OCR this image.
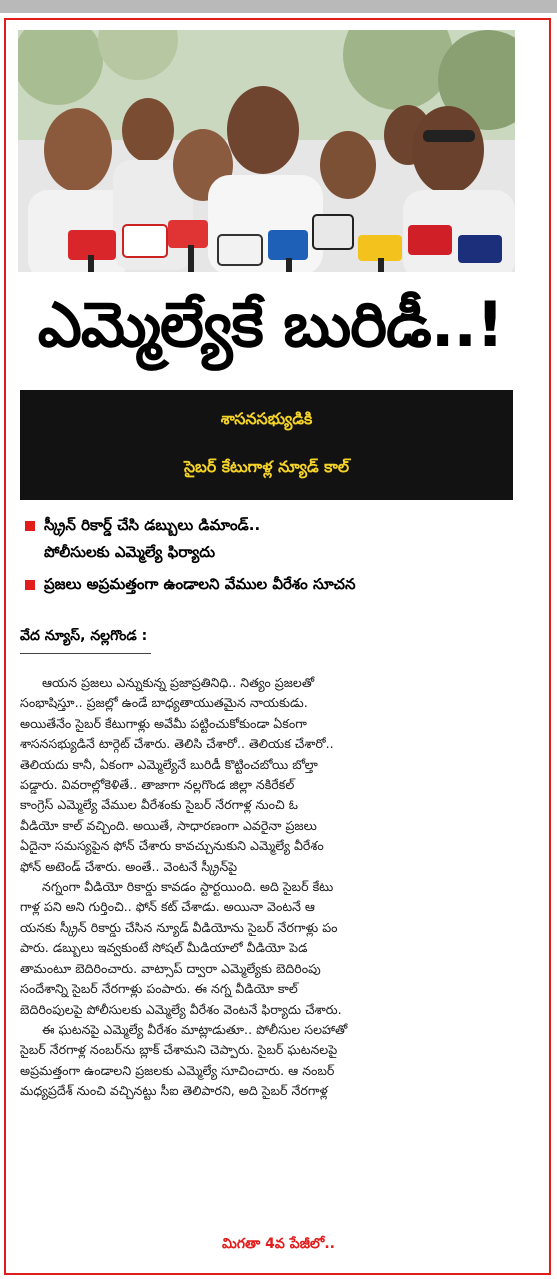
ఎమ్మెల్యేకే బురిడీ..!
శాసనసభ్యుడికి
సైబర్ కేటుగాళ్ల న్యూడ్ కాల్
స్క్రీన్ రికార్డ్ చేసి డబ్బులు డిమాండ్..
పోలీసులకు ఎమ్మెల్యే ఫిర్యాదు
ప్రజలు అప్రమత్తంగా ఉండాలని వేముల వీరేశం సూచన
వేద న్యూస్, నల్లగొండ :
ఆయన ప్రజలు ఎన్నుకున్న ప్రజాప్రతినిధి.. నిత్యం ప్రజలతో
సంభాషిస్తూ.. ప్రజల్లో ఉండే బాధ్యతాయుతమైన నాయకుడు.
అయితేనేం సైబర్ కేటుగాళ్లు అవేమీ పట్టించుకోకుండా ఏకంగా
శాసనసభ్యుడినే టార్గెట్ చేశారు. తెలిసి చేశారో.. తెలియక చేశారో..
తెలియదు కానీ, ఏకంగా ఎమ్మెల్యేనే బురిడీ కొట్టించబోయి బోల్తా
పడ్డారు. వివరాల్లోకెళితే.. తాజాగా నల్లగొండ జిల్లా నకిరేకల్
కాంగ్రెస్ ఎమ్మెల్యే వేముల వీరేశంకు సైబర్ నేరగాళ్ల నుంచి ఓ
వీడియో కాల్ వచ్చింది. అయితే, సాధారణంగా ఎవరైనా ప్రజలు
ఏదైనా సమస్యపైన ఫోన్ చేశారు కావచ్చునుకుని ఎమ్మెల్యే వీరేశం
ఫోన్ అటెండ్ చేశారు. అంతే.. వెంటనే స్క్రీన్‌పై
నగ్నంగా వీడియో రికార్డు కావడం స్టార్టయింది. అది సైబర్ కేటు
గాళ్ల పని అని గుర్తించి.. ఫోన్ కట్ చేశాడు. అయినా వెంటనే ఆ
యనకు స్క్రీన్ రికార్డు చేసిన న్యూడ్ వీడియోను సైబర్ నేరగాళ్లు పం
పారు. డబ్బులు ఇవ్వకుంటే సోషల్ మీడియాలో వీడియో పెడ
తామంటూ బెదిరించారు. వాట్సాప్ ద్వారా ఎమ్మెల్యేకు బెదిరింపు
సందేశాన్ని సైబర్ నేరగాళ్లు పంపారు. ఈ నగ్న వీడియో కాల్
బెదిరింపులపై పోలీసులకు ఎమ్మెల్యే వీరేశం వెంటనే ఫిర్యాదు చేశారు.
ఈ ఘటనపై ఎమ్మెల్యే వీరేశం మాట్లాడుతూ.. పోలీసుల సలహాతో
సైబర్ నేరగాళ్ల నంబర్‌ను బ్లాక్ చేశామని చెప్పారు. సైబర్ ఘటనలపై
అప్రమత్తంగా ఉండాలని ప్రజలకు ఎమ్మెల్యే సూచించారు. ఆ నంబర్
మధ్యప్రదేశ్ నుంచి వచ్చినట్టు సీఐ తెలిపారని, అది సైబర్ నేరగాళ్ల
మిగతా 4వ పేజీలో..
